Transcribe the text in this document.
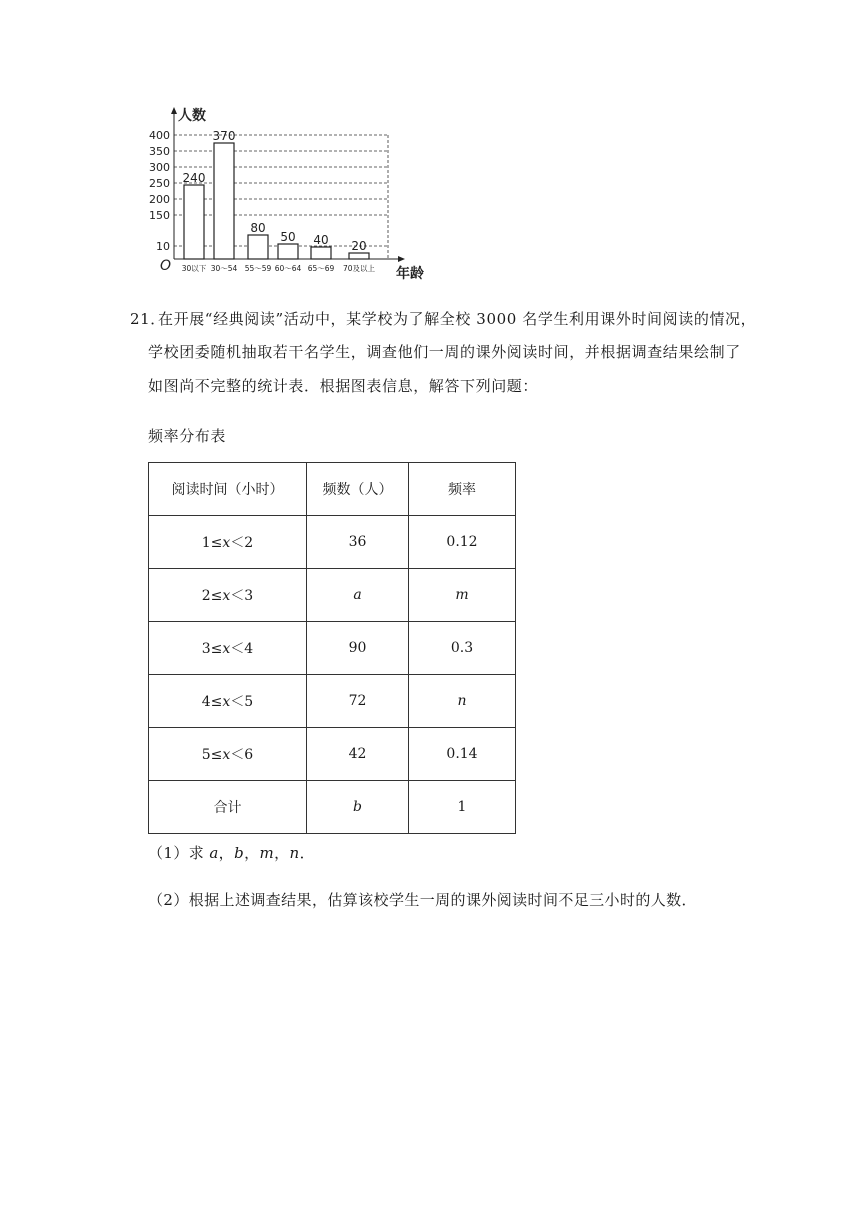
400
350
300
250
200
150
10
240
30以下
370
30～54
80
55～59
50
60～64
40
65～69
20
70及以上
人数
年龄
O
21．
在开展“经典阅读”活动中，某学校为了解全校 3000 名学生利用课外时间阅读的情况，
学校团委随机抽取若干名学生，调查他们一周的课外阅读时间，并根据调查结果绘制了
如图尚不完整的统计表．根据图表信息，解答下列问题：
频率分布表
阅读时间（小时）	频数（人）	频率
1≤x＜2	36	0.12
2≤x＜3	a	m
3≤x＜4	90	0.3
4≤x＜5	72	n
5≤x＜6	42	0.14
合计	b	1
（1）求 a，b，m，n．
（2）根据上述调查结果，估算该校学生一周的课外阅读时间不足三小时的人数．
